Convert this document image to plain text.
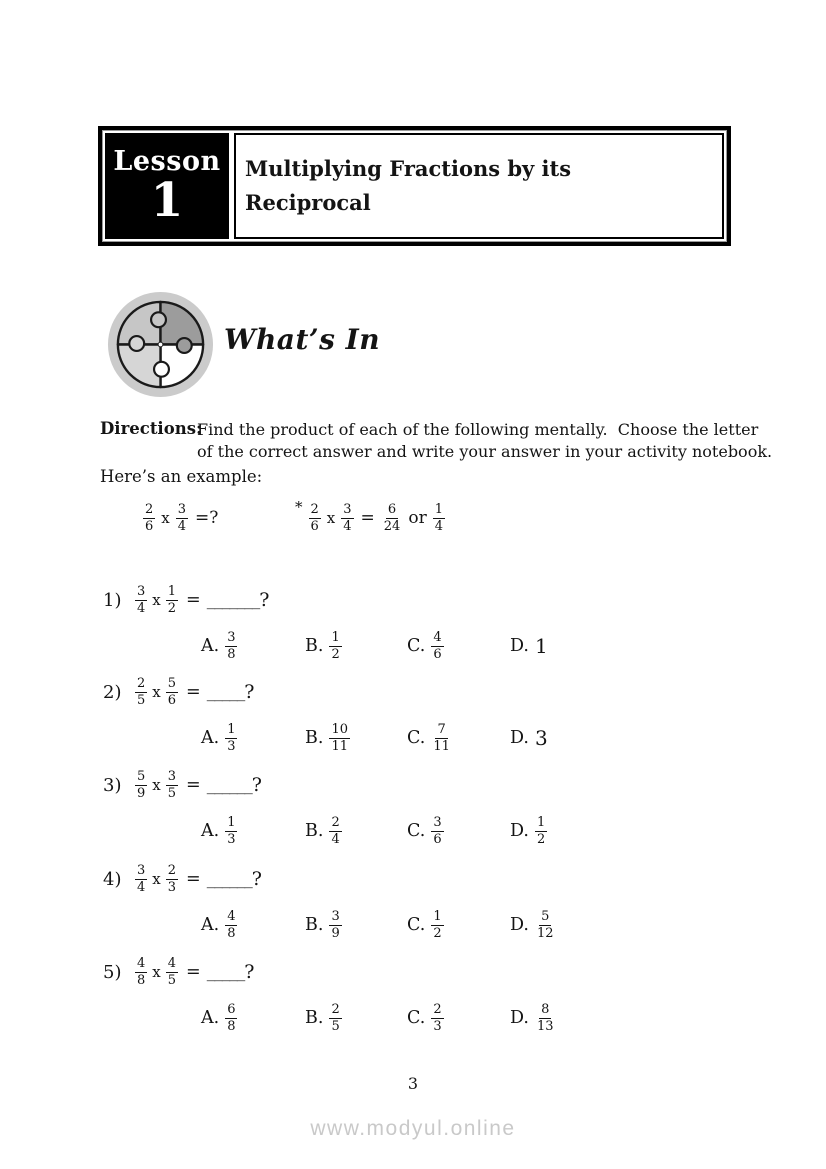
Lesson
1
Multiplying Fractions by its
Reciprocal
What’s In
Directions:
Find the product of each of the following mentally.  Choose the letter
of the correct answer and write your answer in your activity notebook.
Here’s an example:
$\frac{2}{6}$ x $\frac{3}{4}$ =?
* $\frac{2}{6}$ x $\frac{3}{4} = \frac{6}{24}$ or $\frac{1}{4}$
1)	$\frac{3}{4}$ x $\frac{1}{2}$ = _______ ?
A. $\frac{3}{8}$	B. $\frac{1}{2}$	C. $\frac{4}{6}$	D. 1
2)	$\frac{2}{5}$ x $\frac{5}{6}$ = _____ ?
A. $\frac{1}{3}$	B. $\frac{10}{11}$	C. $\frac{7}{11}$	D. 3
3)	$\frac{5}{9}$ x $\frac{3}{5}$ = ______ ?
A. $\frac{1}{3}$	B. $\frac{2}{4}$	C. $\frac{3}{6}$	D. $\frac{1}{2}$
4)	$\frac{3}{4}$ x $\frac{2}{3}$ = ______ ?
A. $\frac{4}{8}$	B. $\frac{3}{9}$	C. $\frac{1}{2}$	D. $\frac{5}{12}$
5)	$\frac{4}{8}$ x $\frac{4}{5}$ = _____ ?
A. $\frac{6}{8}$	B. $\frac{2}{5}$	C. $\frac{2}{3}$	D. $\frac{8}{13}$
3
www.modyul.online
